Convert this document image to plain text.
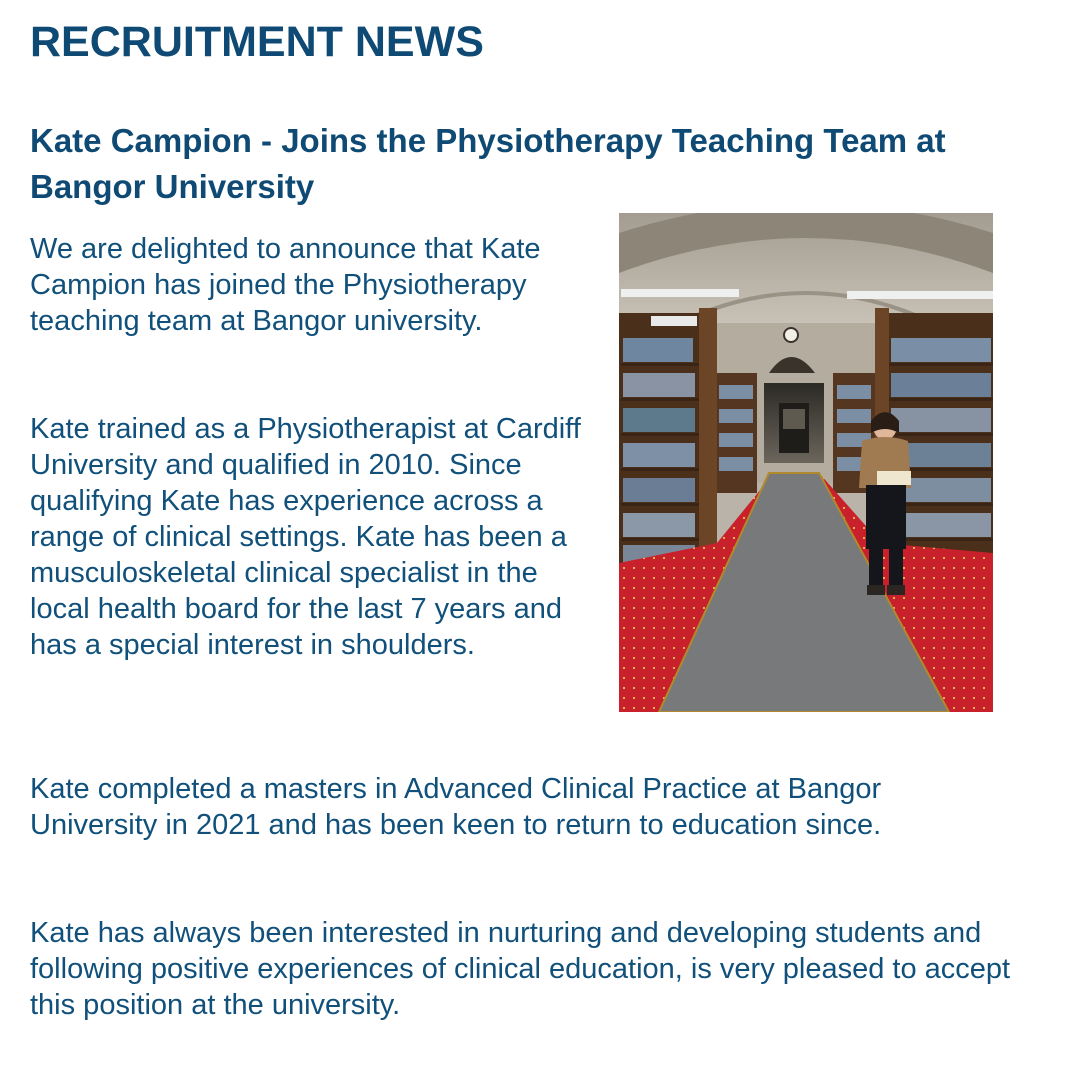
RECRUITMENT NEWS
Kate Campion - Joins the Physiotherapy Teaching Team at Bangor University

We are delighted to announce that Kate Campion has joined the Physiotherapy teaching team at Bangor university.

Kate trained as a Physiotherapist at Cardiff University and qualified in 2010. Since qualifying Kate has experience across a range of clinical settings. Kate has been a musculoskeletal clinical specialist in the local health board for the last 7 years and has a special interest in shoulders.

Kate completed a masters in Advanced Clinical Practice at Bangor University in 2021 and has been keen to return to education since.

Kate has always been interested in nurturing and developing students and following positive experiences of clinical education, is very pleased to accept this position at the university.
